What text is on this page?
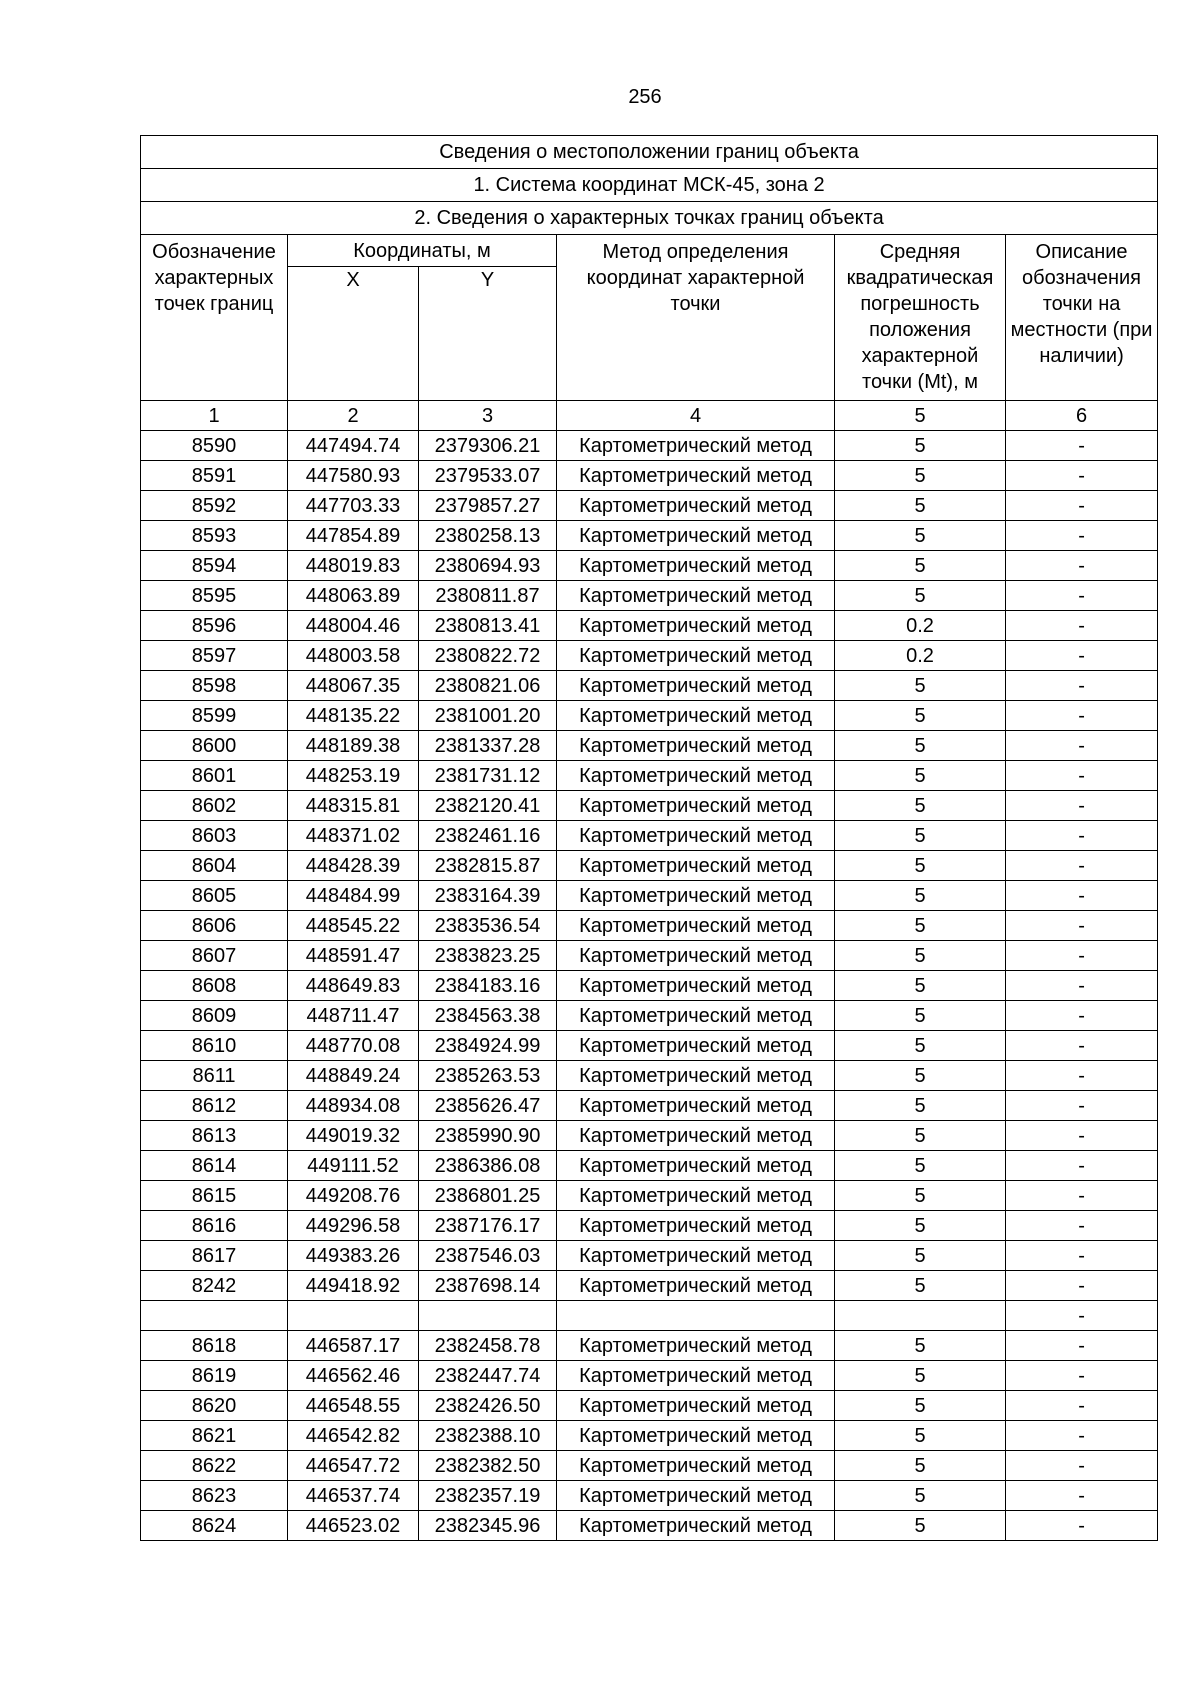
256
Сведения о местоположении границ объекта					
1. Система координат МСК-45, зона 2					
2. Сведения о характерных точках границ объекта					
Обозначение характерных точек границ	Координаты, м		Метод определения координат характерной точки	Средняя квадратическая погрешность положения характерной точки (Mt), м	Описание обозначения точки на местности (при наличии)
	X	Y			
1	2	3	4	5	6
8590	447494.74	2379306.21	Картометрический метод	5	-
8591	447580.93	2379533.07	Картометрический метод	5	-
8592	447703.33	2379857.27	Картометрический метод	5	-
8593	447854.89	2380258.13	Картометрический метод	5	-
8594	448019.83	2380694.93	Картометрический метод	5	-
8595	448063.89	2380811.87	Картометрический метод	5	-
8596	448004.46	2380813.41	Картометрический метод	0.2	-
8597	448003.58	2380822.72	Картометрический метод	0.2	-
8598	448067.35	2380821.06	Картометрический метод	5	-
8599	448135.22	2381001.20	Картометрический метод	5	-
8600	448189.38	2381337.28	Картометрический метод	5	-
8601	448253.19	2381731.12	Картометрический метод	5	-
8602	448315.81	2382120.41	Картометрический метод	5	-
8603	448371.02	2382461.16	Картометрический метод	5	-
8604	448428.39	2382815.87	Картометрический метод	5	-
8605	448484.99	2383164.39	Картометрический метод	5	-
8606	448545.22	2383536.54	Картометрический метод	5	-
8607	448591.47	2383823.25	Картометрический метод	5	-
8608	448649.83	2384183.16	Картометрический метод	5	-
8609	448711.47	2384563.38	Картометрический метод	5	-
8610	448770.08	2384924.99	Картометрический метод	5	-
8611	448849.24	2385263.53	Картометрический метод	5	-
8612	448934.08	2385626.47	Картометрический метод	5	-
8613	449019.32	2385990.90	Картометрический метод	5	-
8614	449111.52	2386386.08	Картометрический метод	5	-
8615	449208.76	2386801.25	Картометрический метод	5	-
8616	449296.58	2387176.17	Картометрический метод	5	-
8617	449383.26	2387546.03	Картометрический метод	5	-
8242	449418.92	2387698.14	Картометрический метод	5	-
					-
8618	446587.17	2382458.78	Картометрический метод	5	-
8619	446562.46	2382447.74	Картометрический метод	5	-
8620	446548.55	2382426.50	Картометрический метод	5	-
8621	446542.82	2382388.10	Картометрический метод	5	-
8622	446547.72	2382382.50	Картометрический метод	5	-
8623	446537.74	2382357.19	Картометрический метод	5	-
8624	446523.02	2382345.96	Картометрический метод	5	-
